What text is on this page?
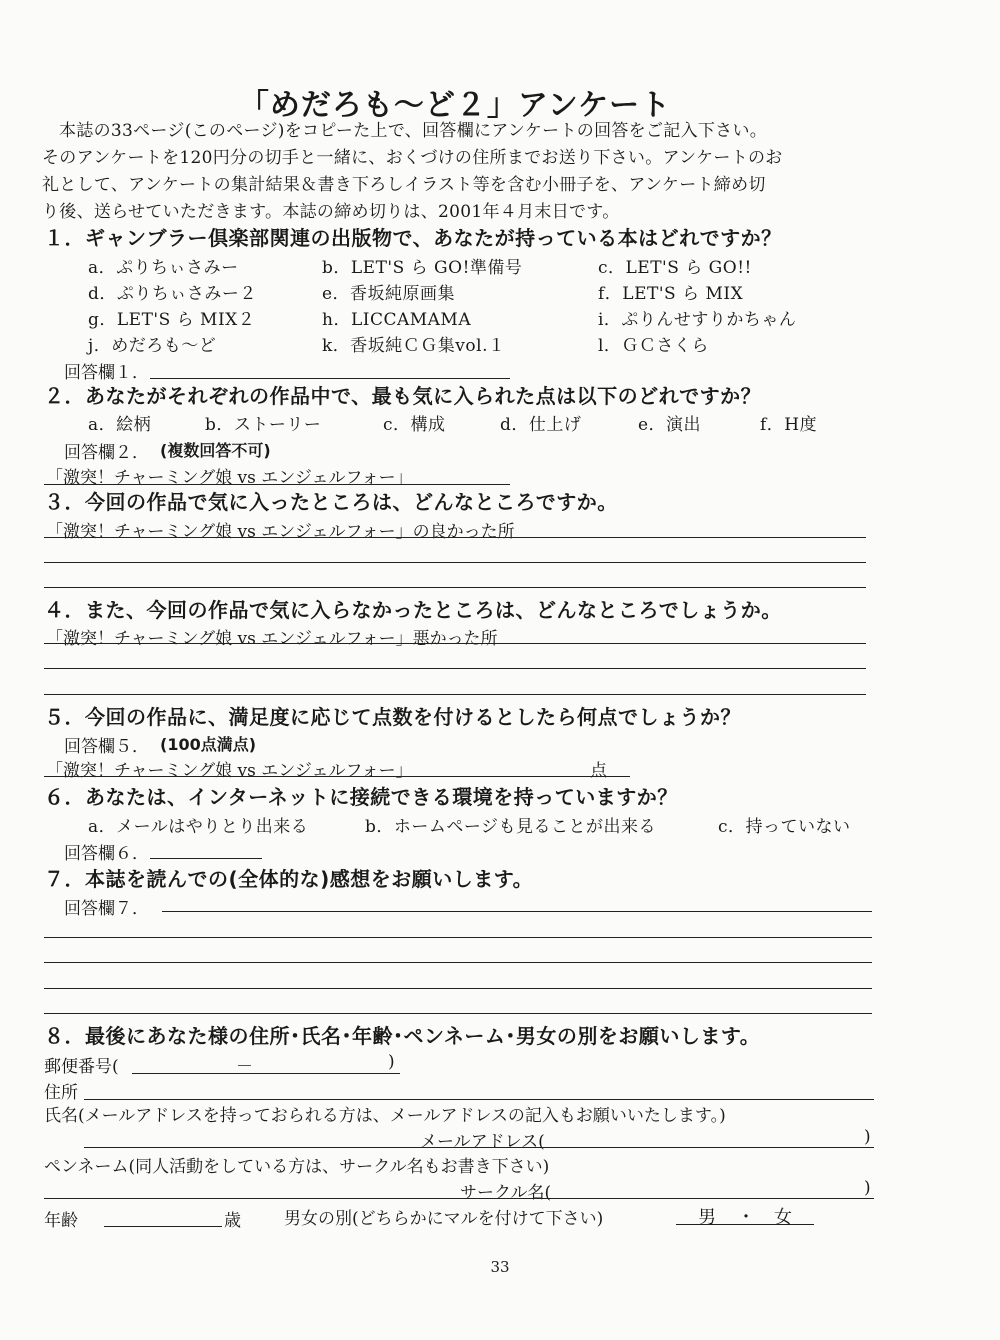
「めだろも〜ど２」アンケート

本誌の33ページ(このページ)をコピーた上で、回答欄にアンケートの回答をご記入下さい。

そのアンケートを120円分の切手と一緒に、おくづけの住所までお送り下さい。アンケートのお
礼として、アンケートの集計結果＆書き下ろしイラスト等を含む小冊子を、アンケート締め切
り後、送らせていただきます。本誌の締め切りは、2001年４月末日です。
１．ギャンブラー倶楽部関連の出版物で、あなたが持っている本はどれですか？
a．ぷりちぃさみー	b．LET'S ら GO!準備号	c．LET'S ら GO!!
d．ぷりちぃさみー２	e．香坂純原画集	f．LET'S ら MIX
g．LET'S ら MIX２	h．LICCAMAMA	i．ぷりんせすりかちゃん
j．めだろも〜ど	k．香坂純ＣＧ集vol.１	l．ＧＣさくら
回答欄１．
２．あなたがそれぞれの作品中で、最も気に入られた点は以下のどれですか？
a．絵柄	b．ストーリー	c．構成	d．仕上げ	e．演出	f．H度
回答欄２． (複数回答不可)
「激突！チャーミング娘 vs エンジェルフォー」
３．今回の作品で気に入ったところは、どんなところですか。
「激突！チャーミング娘 vs エンジェルフォー」の良かった所
４．また、今回の作品で気に入らなかったところは、どんなところでしょうか。
「激突！チャーミング娘 vs エンジェルフォー」悪かった所
５．今回の作品に、満足度に応じて点数を付けるとしたら何点でしょうか？
回答欄５． (100点満点)
「激突！チャーミング娘 vs エンジェルフォー」	点
６．あなたは、インターネットに接続できる環境を持っていますか？
a．メールはやりとり出来る	b．ホームページも見ることが出来る	c．持っていない
回答欄６．
７．本誌を読んでの(全体的な)感想をお願いします。
回答欄７．
８．最後にあなた様の住所･氏名･年齢･ペンネーム･男女の別をお願いします。
郵便番号(	－	)
住所
氏名(メールアドレスを持っておられる方は、メールアドレスの記入もお願いいたします。)
メールアドレス(	)
ペンネーム(同人活動をしている方は、サークル名もお書き下さい)
サークル名(	)
年齢	歳	男女の別(どちらかにマルを付けて下さい)	男 ・ 女
33
